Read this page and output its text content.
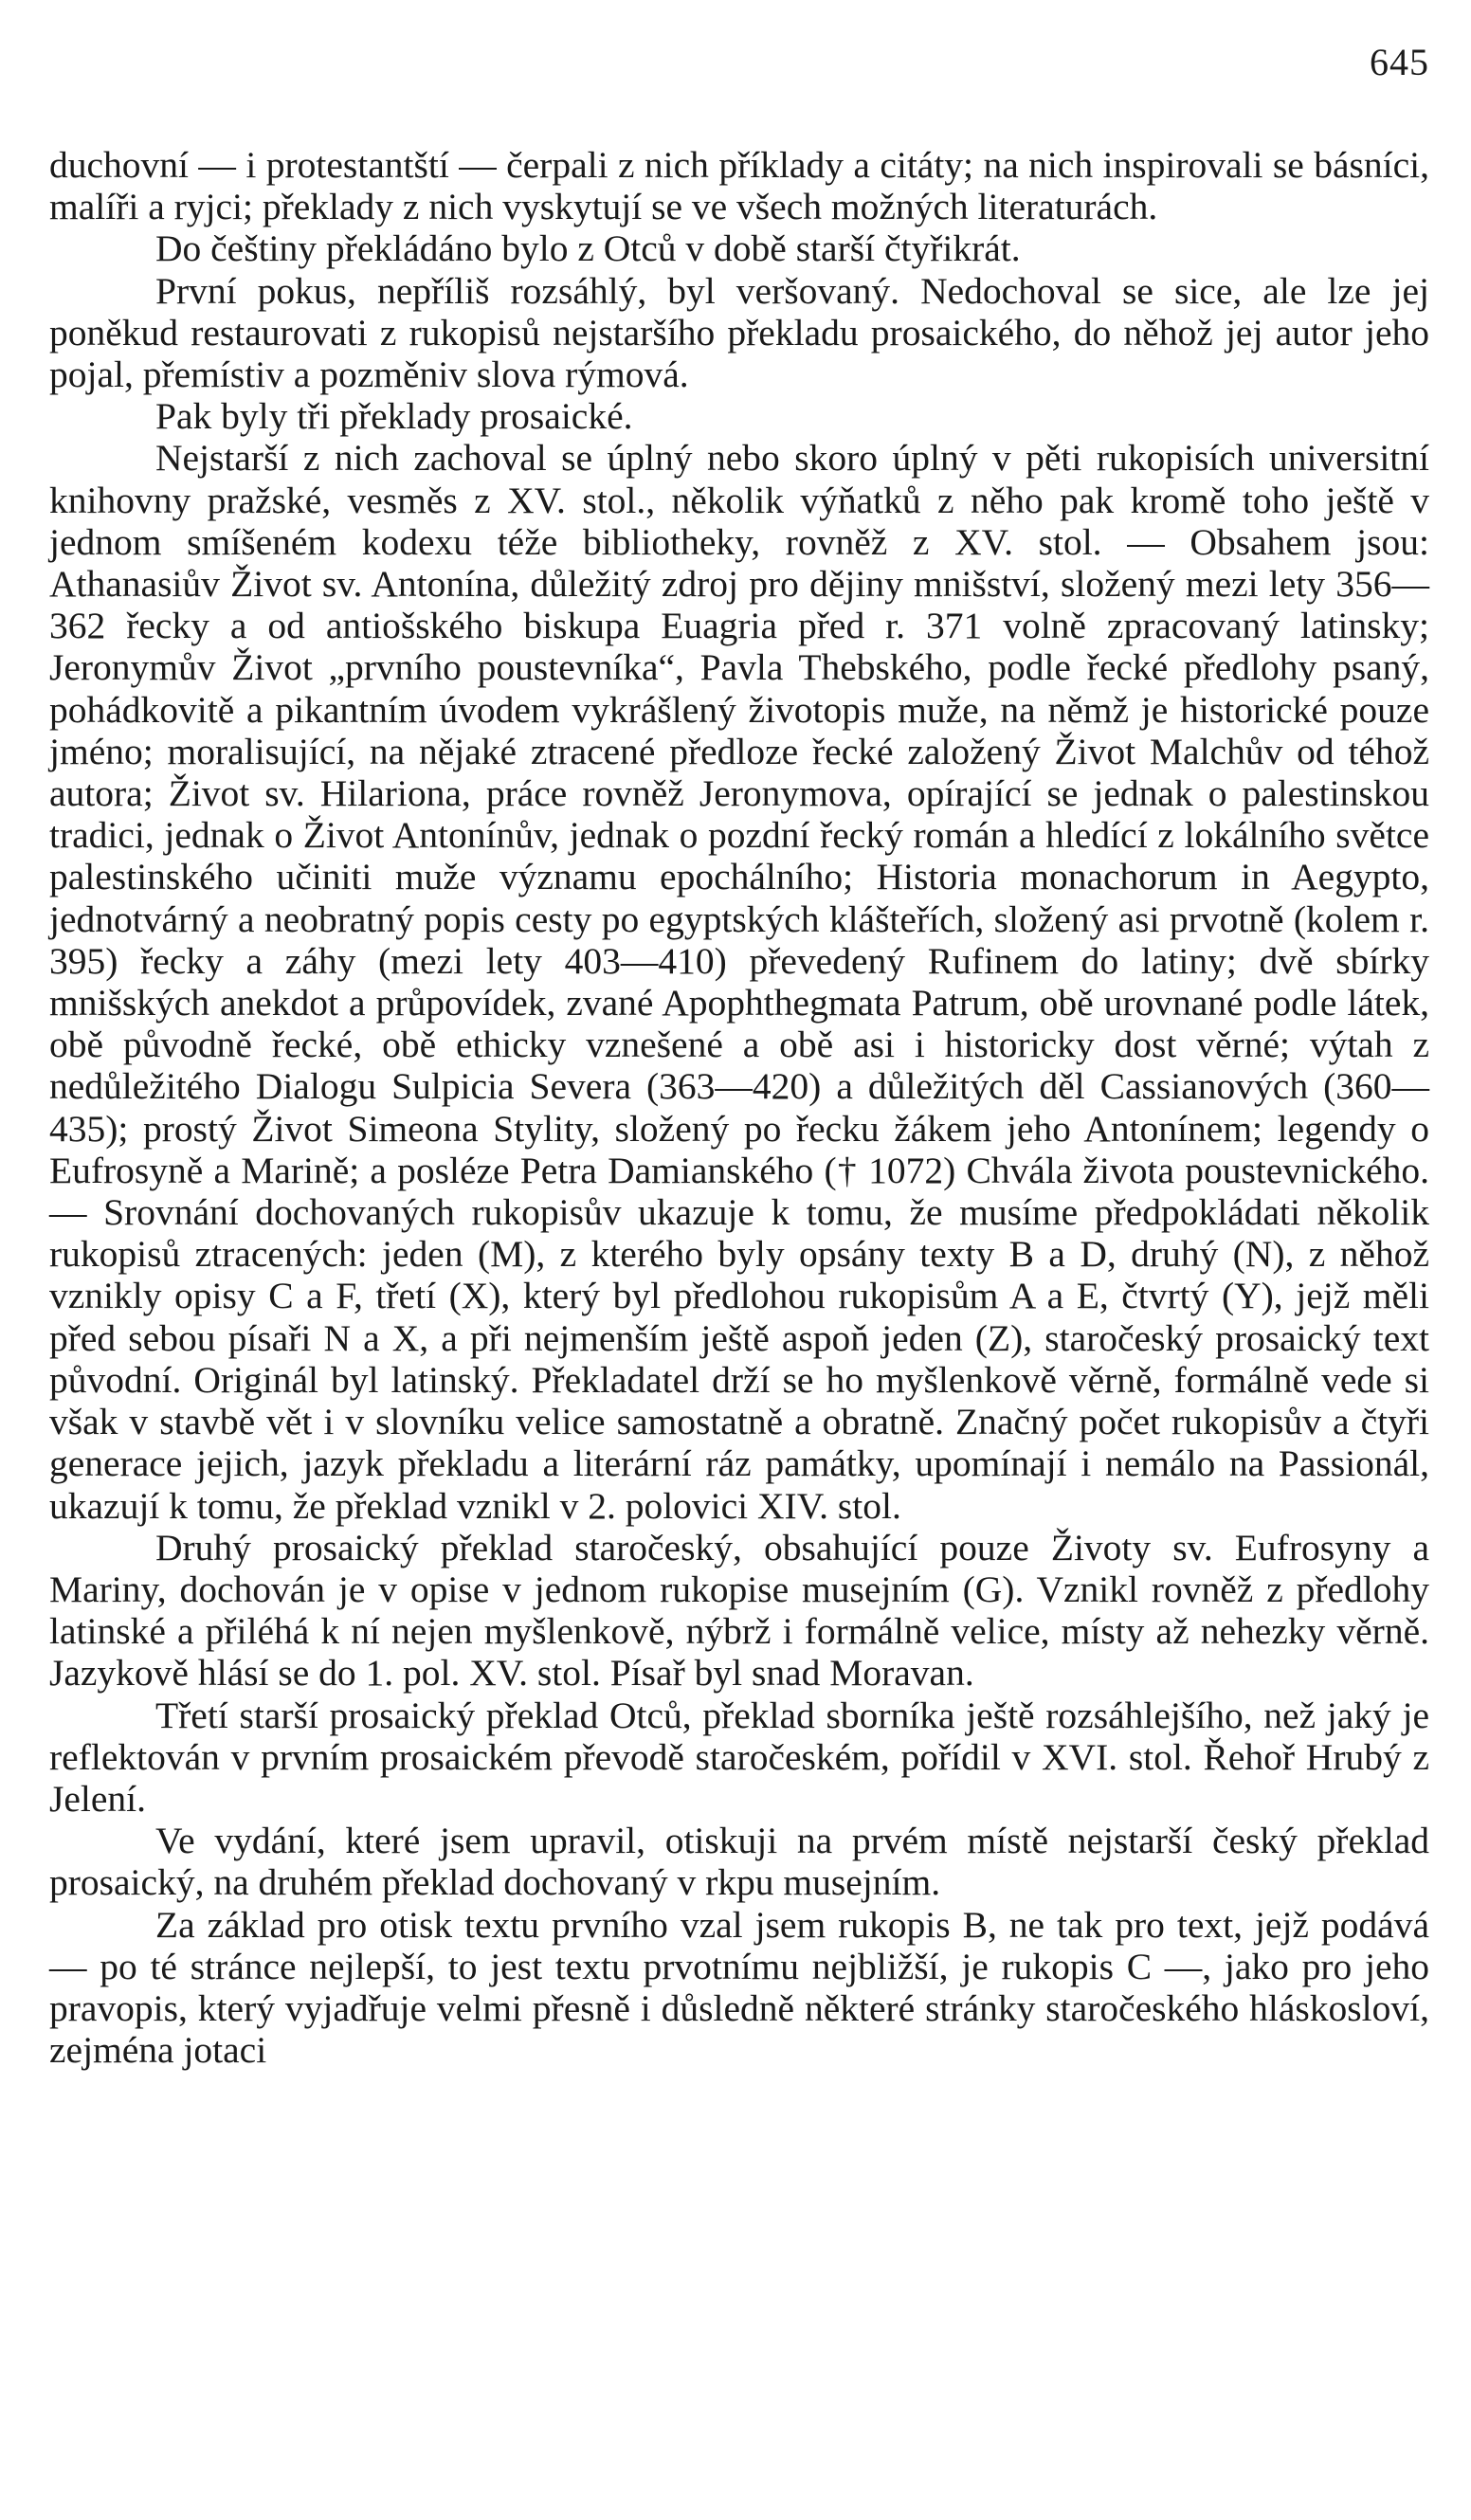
645

duchovní — i protestantští — čerpali z nich příklady a citáty; na nich inspirovali se básníci, malíři a ryjci; překlady z nich vyskytují se ve všech možných literaturách.

Do češtiny překládáno bylo z Otců v době starší čtyřikrát.

První pokus, nepříliš rozsáhlý, byl veršovaný. Nedochoval se sice, ale lze jej poněkud restaurovati z rukopisů nejstaršího překladu prosaického, do něhož jej autor jeho pojal, přemístiv a pozměniv slova rýmová.

Pak byly tři překlady prosaické.

Nejstarší z nich zachoval se úplný nebo skoro úplný v pěti rukopisích universitní knihovny pražské, vesměs z XV. stol., několik výňatků z něho pak kromě toho ještě v jednom smíšeném kodexu téže bibliotheky, rovněž z XV. stol. — Obsahem jsou: Athanasiův Život sv. Antonína, důležitý zdroj pro dějiny mnišství, složený mezi lety 356—362 řecky a od antiošského biskupa Euagria před r. 371 volně zpracovaný latinsky; Jeronymův Život „prvního poustevníka“, Pavla Thebského, podle řecké předlohy psaný, pohádkovitě a pikantním úvodem vykrášlený životopis muže, na němž je historické pouze jméno; moralisující, na nějaké ztracené předloze řecké založený Život Malchův od téhož autora; Život sv. Hilariona, práce rovněž Jeronymova, opírající se jednak o palestinskou tradici, jednak o Život Antonínův, jednak o pozdní řecký román a hledící z lokálního světce palestinského učiniti muže významu epochálního; Historia monachorum in Aegypto, jednotvárný a neobratný popis cesty po egyptských klášteřích, složený asi prvotně (kolem r. 395) řecky a záhy (mezi lety 403—410) převedený Rufinem do latiny; dvě sbírky mnišských anekdot a průpovídek, zvané Apophthegmata Patrum, obě urovnané podle látek, obě původně řecké, obě ethicky vznešené a obě asi i historicky dost věrné; výtah z nedůležitého Dialogu Sulpicia Severa (363—420) a důležitých děl Cassianových (360—435); prostý Život Simeona Stylity, složený po řecku žákem jeho Antonínem; legendy o Eufrosyně a Marině; a posléze Petra Damianského († 1072) Chvála života poustevnického. — Srovnání dochovaných rukopisův ukazuje k tomu, že musíme předpokládati několik rukopisů ztracených: jeden (M), z kterého byly opsány texty B a D, druhý (N), z něhož vznikly opisy C a F, třetí (X), který byl předlohou rukopisům A a E, čtvrtý (Y), jejž měli před sebou písaři N a X, a při nejmenším ještě aspoň jeden (Z), staročeský prosaický text původní. Originál byl latinský. Překladatel drží se ho myšlenkově věrně, formálně vede si však v stavbě vět i v slovníku velice samostatně a obratně. Značný počet rukopisův a čtyři generace jejich, jazyk překladu a literární ráz památky, upomínají i nemálo na Passionál, ukazují k tomu, že překlad vznikl v 2. polovici XIV. stol.

Druhý prosaický překlad staročeský, obsahující pouze Životy sv. Eufrosyny a Mariny, dochován je v opise v jednom rukopise musejním (G). Vznikl rovněž z předlohy latinské a přiléhá k ní nejen myšlenkově, nýbrž i formálně velice, místy až nehezky věrně. Jazykově hlásí se do 1. pol. XV. stol. Písař byl snad Moravan.

Třetí starší prosaický překlad Otců, překlad sborníka ještě rozsáhlejšího, než jaký je reflektován v prvním prosaickém převodě staročeském, pořídil v XVI. stol. Řehoř Hrubý z Jelení.

Ve vydání, které jsem upravil, otiskuji na prvém místě nejstarší český překlad prosaický, na druhém překlad dochovaný v rkpu musejním.

Za základ pro otisk textu prvního vzal jsem rukopis B, ne tak pro text, jejž podává — po té stránce nejlepší, to jest textu prvotnímu nejbližší, je rukopis C —, jako pro jeho pravopis, který vyjadřuje velmi přesně i důsledně některé stránky staročeského hláskosloví, zejména jotaci
